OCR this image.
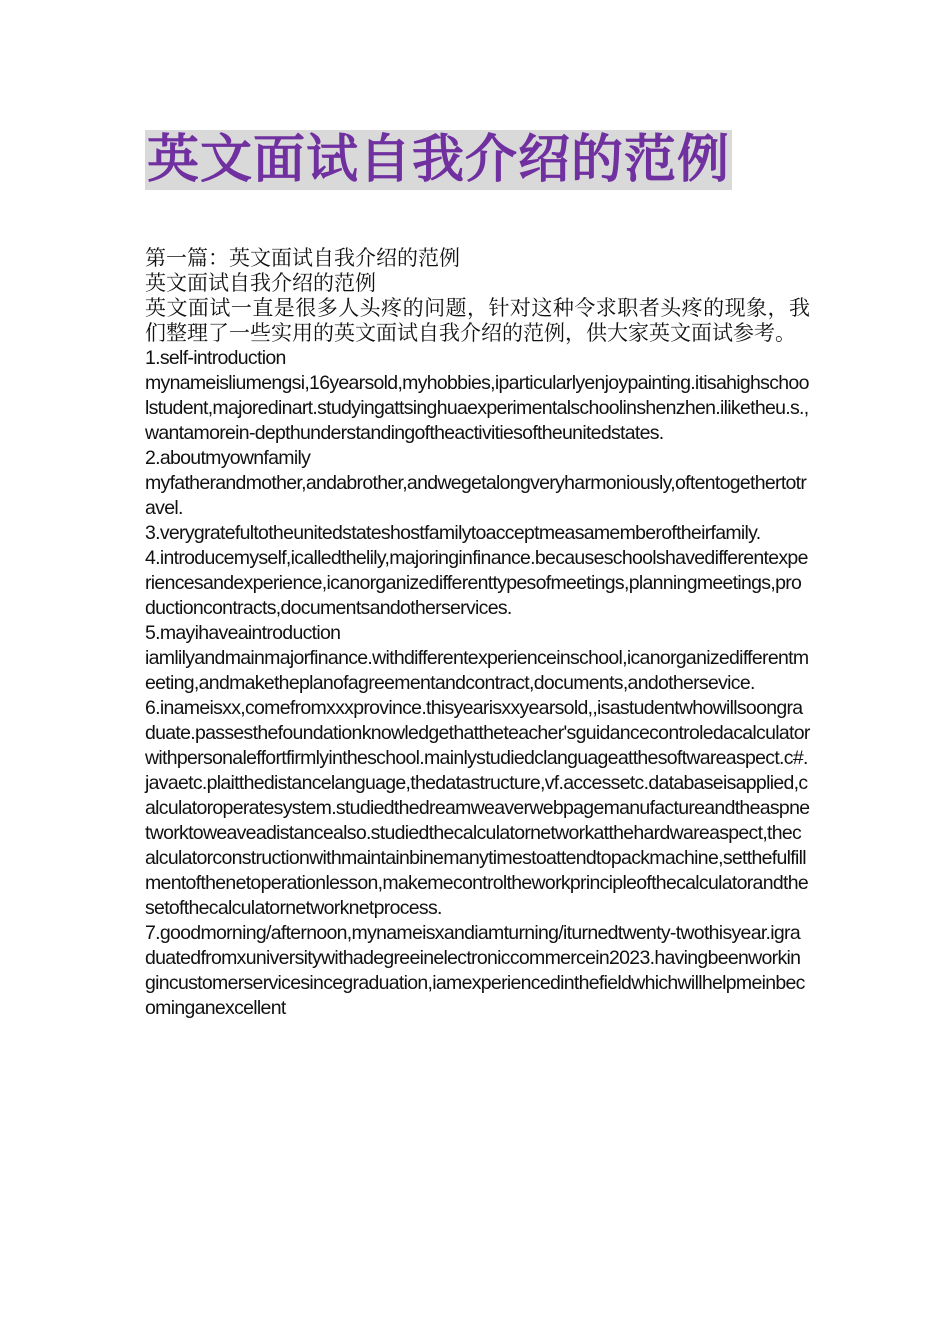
英文面试自我介绍的范例

第一篇：英文面试自我介绍的范例

英文面试自我介绍的范例

英文面试一直是很多人头疼的问题，针对这种令求职者头疼的现象，我们整理了一些实用的英文面试自我介绍的范例，供大家英文面试参考。

1.self-introduction

mynameisliumengsi,16yearsold,myhobbies,iparticularlyenjoypainting.itisahighschoolstudent,majoredinart.studyingattsinghuaexperimentalschoolinshenzhen.iliketheu.s.,wantamorein-depthunderstandingoftheactivitiesoftheunitedstates.

2.aboutmyownfamily

myfatherandmother,andabrother,andwegetalongveryharmoniously,oftentogethertotravel.

3.verygratefultotheunitedstateshostfamilytoacceptmeasamemberoftheirfamily.

4.introducemyself,icalledthelily,majoringinfinance.becauseschoolshavedifferentexperiencesandexperience,icanorganizedifferenttypesofmeetings,planningmeetings,productioncontracts,documentsandotherservices.

5.mayihaveaintroduction

iamlilyandmainmajorfinance.withdifferentexperienceinschool,icanorganizedifferentmeeting,andmaketheplanofagreementandcontract,documents,andothersevice.

6.inameisxx,comefromxxxprovince.thisyearisxxyearsold,,isastudentwhowillsoongraduate.passesthefoundationknowledgethattheteacher'sguidancecontroledacalculatorwithpersonaleffortfirmlyintheschool.mainlystudiedclanguageatthesoftwareaspect.c#.javaetc.plaitthedistancelanguage,thedatastructure,vf.accessetc.databaseisapplied,calculatoroperatesystem.studiedthedreamweaverwebpagemanufactureandtheaspnetworktoweaveadistancealso.studiedthecalculatornetworkatthehardwareaspect,thecalculatorconstructionwithmaintainbinemanytimestoattendtopackmachine,setthefulfillmentofthenetoperationlesson,makemecontroltheworkprincipleofthecalculatorandthesetofthecalculatornetworknetprocess.

7.goodmorning/afternoon,mynameisxandiamturning/iturnedtwenty-twothisyear.igraduatedfromxuniversitywithadegreeinelectroniccommercein2023.havingbeenworkingincustomerservicesincegraduation,iamexperiencedinthefieldwhichwillhelpmeinbecominganexcellent
